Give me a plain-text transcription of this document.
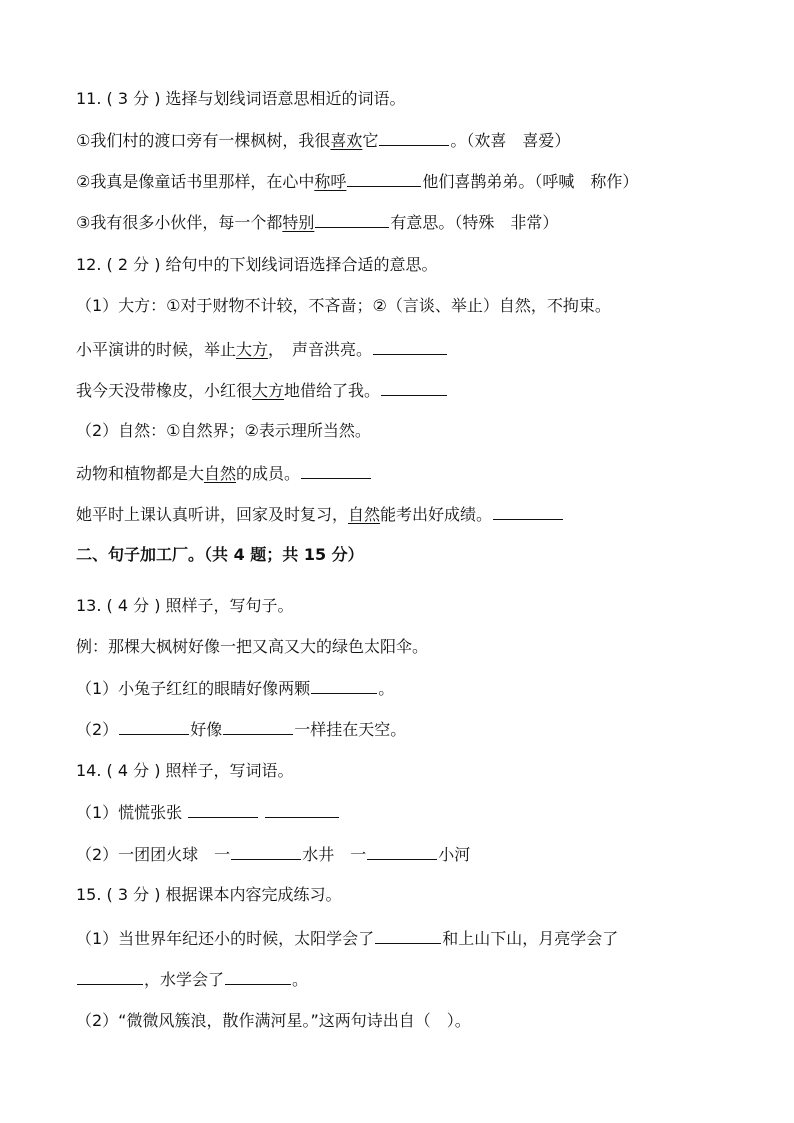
11. ( 3 分 ) 选择与划线词语意思相近的词语。
①我们村的渡口旁有一棵枫树，我很喜欢它	。（欢喜　喜爱）
②我真是像童话书里那样，在心中称呼	他们喜鹊弟弟。（呼喊　称作）
③我有很多小伙伴，每一个都特别	有意思。（特殊　非常）
12. ( 2 分 ) 给句中的下划线词语选择合适的意思。
（1）大方：①对于财物不计较，不吝啬；②（言谈、举止）自然，不拘束。
小平演讲的时候，举止大方，　声音洪亮。
我今天没带橡皮，小红很大方地借给了我。
（2）自然：①自然界；②表示理所当然。
动物和植物都是大自然的成员。
她平时上课认真听讲，回家及时复习，自然能考出好成绩。
二、句子加工厂。（共 4 题；共 15 分）
13. ( 4 分 ) 照样子，写句子。
例：那棵大枫树好像一把又高又大的绿色太阳伞。
（1）小兔子红红的眼睛好像两颗	。
（2）	好像	一样挂在天空。
14. ( 4 分 ) 照样子，写词语。
（1）慌慌张张
（2）一团团火球　一	水井　一	小河
15. ( 3 分 ) 根据课本内容完成练习。
（1）当世界年纪还小的时候，太阳学会了	和上山下山，月亮学会了
，水学会了	。
（2）“微微风簇浪，散作满河星。”这两句诗出自（　）。
